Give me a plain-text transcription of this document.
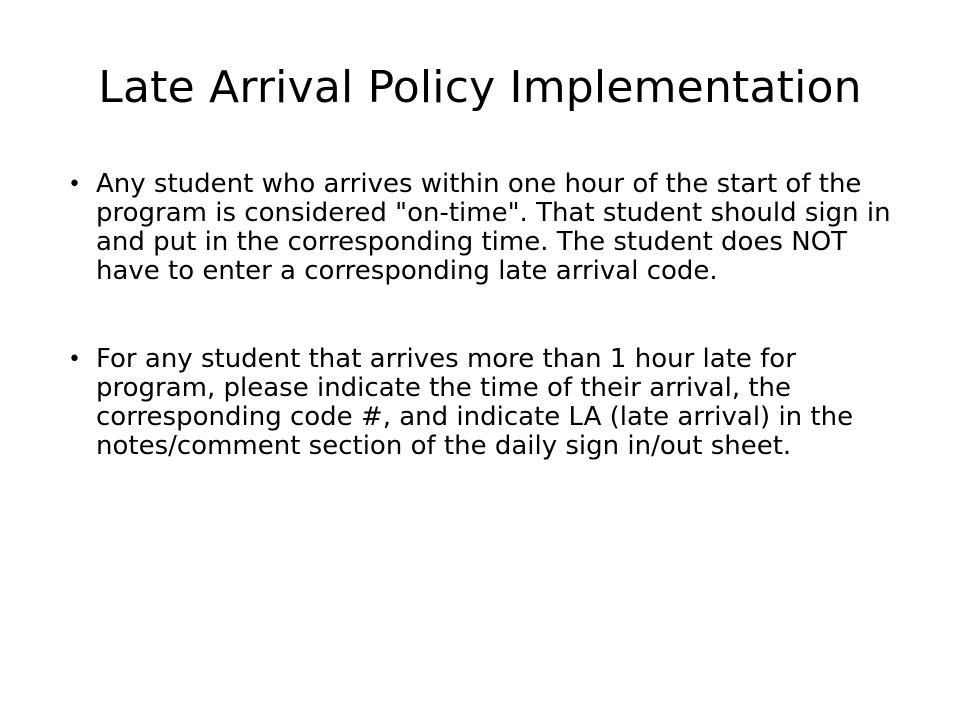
Late Arrival Policy Implementation
• Any student who arrives within one hour of the start of the program is considered "on-time". That student should sign in and put in the corresponding time. The student does NOT have to enter a corresponding late arrival code.
• For any student that arrives more than 1 hour late for program, please indicate the time of their arrival, the corresponding code #, and indicate LA (late arrival) in the notes/comment section of the daily sign in/out sheet.
